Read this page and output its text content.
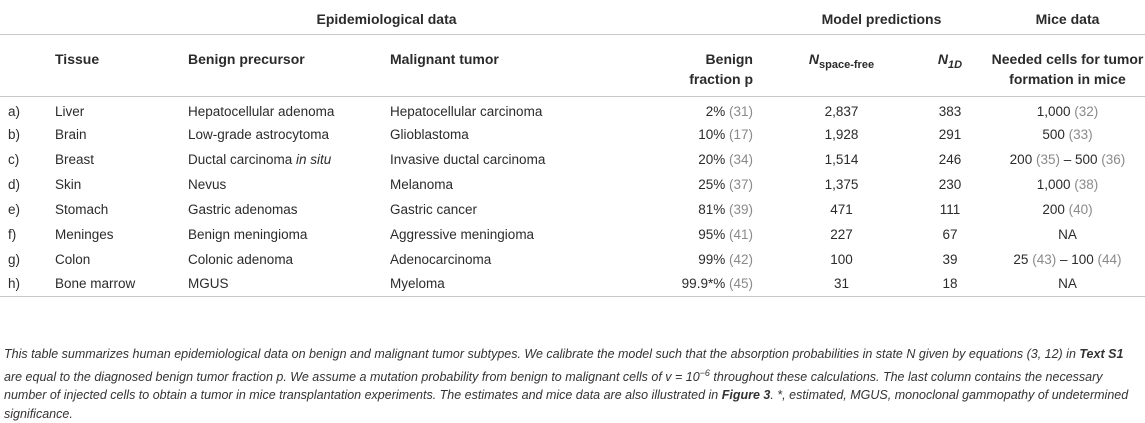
Epidemiological data					Model predictions		Mice data
	Tissue	Benign precursor	Malignant tumor	Benign
fraction p	$N_{space-free}$	$N_{1D}$	Needed cells for tumor
formation in mice
a)	Liver	Hepatocellular adenoma	Hepatocellular carcinoma	2% (31)	2,837	383	1,000 (32)
b)	Brain	Low-grade astrocytoma	Glioblastoma	10% (17)	1,928	291	500 (33)
c)	Breast	Ductal carcinoma in situ	Invasive ductal carcinoma	20% (34)	1,514	246	200 (35) – 500 (36)
d)	Skin	Nevus	Melanoma	25% (37)	1,375	230	1,000 (38)
e)	Stomach	Gastric adenomas	Gastric cancer	81% (39)	471	111	200 (40)
f)	Meninges	Benign meningioma	Aggressive meningioma	95% (41)	227	67	NA
g)	Colon	Colonic adenoma	Adenocarcinoma	99% (42)	100	39	25 (43) – 100 (44)
h)	Bone marrow	MGUS	Myeloma	99.9*% (45)	31	18	NA
This table summarizes human epidemiological data on benign and malignant tumor subtypes. We calibrate the model such that the absorption probabilities in state N given by equations (3, 12) in Text S1 are equal to the diagnosed benign tumor fraction p. We assume a mutation probability from benign to malignant cells of $v = 10^{-6}$ throughout these calculations. The last column contains the necessary number of injected cells to obtain a tumor in mice transplantation experiments. The estimates and mice data are also illustrated in Figure 3. *, estimated, MGUS, monoclonal gammopathy of undetermined significance.
